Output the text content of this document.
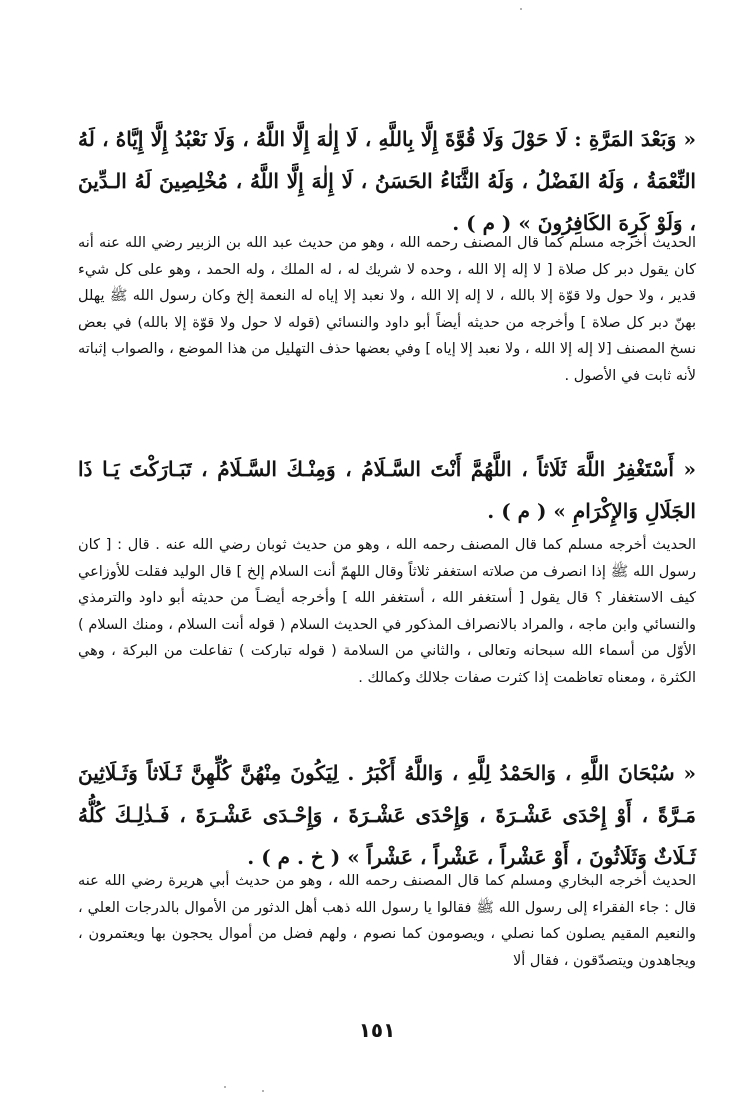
« وَبَعْدَ المَرَّةِ : لَا حَوْلَ وَلَا قُوَّةَ إِلَّا بِاللَّهِ ، لَا إِلٰهَ إِلَّا اللَّهُ ، وَلَا نَعْبُدُ إِلَّا إِيَّاهُ ، لَهُ النِّعْمَةُ ، وَلَهُ الفَضْلُ ، وَلَهُ الثَّنَاءُ الحَسَنُ ، لَا إِلٰهَ إِلَّا اللَّهُ ، مُخْلِصِينَ لَهُ الـدِّينَ ، وَلَوْ كَرِهَ الكَافِرُونَ » ( م ) .
الحديث أخرجه مسلم كما قال المصنف رحمه الله ، وهو من حديث عبد الله بن الزبير رضي الله عنه أنه كان يقول دبر كل صلاة [ لا إله إلا الله ، وحده لا شريك له ، له الملك ، وله الحمد ، وهو على كل شيء قدير ، ولا حول ولا قوّة إلا بالله ، لا إله إلا الله ، ولا نعبد إلا إياه له النعمة إلخ وكان رسول الله ﷺ يهلل بهنّ دبر كل صلاة ] وأخرجه من حديثه أيضاً أبو داود والنسائي (قوله لا حول ولا قوّة إلا بالله) في بعض نسخ المصنف [لا إله إلا الله ، ولا نعبد إلا إياه ] وفي بعضها حذف التهليل من هذا الموضع ، والصواب إثباته لأنه ثابت في الأصول .
« أَسْتَغْفِرُ اللَّهَ ثَلَاثاً ، اللَّهُمَّ أَنْتَ السَّـلَامُ ، وَمِنْـكَ السَّـلَامُ ، تَبَـارَكْتَ يَـا ذَا الجَلَالِ وَالإِكْرَامِ » ( م ) .
الحديث أخرجه مسلم كما قال المصنف رحمه الله ، وهو من حديث ثوبان رضي الله عنه . قال : [ كان رسول الله ﷺ إذا انصرف من صلاته استغفر ثلاثاً وقال اللهمّ أنت السلام إلخ ] قال الوليد فقلت للأوزاعي كيف الاستغفار ؟ قال يقول [ أستغفر الله ، أستغفر الله ] وأخرجه أيضـاً من حديثه أبو داود والترمذي والنسائي وابن ماجه ، والمراد بالانصراف المذكور في الحديث السلام ( قوله أنت السلام ، ومنك السلام ) الأوّل من أسماء الله سبحانه وتعالى ، والثاني من السلامة ( قوله تباركت ) تفاعلت من البركة ، وهي الكثرة ، ومعناه تعاظمت إذا كثرت صفات جلالك وكمالك .
« سُبْحَانَ اللَّهِ ، وَالحَمْدُ لِلَّهِ ، وَاللَّهُ أَكْبَرُ . لِيَكُونَ مِنْهُنَّ كُلِّهِنَّ ثَـلَاثاً وَثَـلَاثِينَ مَـرَّةً ، أَوْ إِحْدَى عَشْـرَةَ ، وَإِحْدَى عَشْـرَةَ ، وَإِحْـدَى عَشْـرَةَ ، فَـذٰلِـكَ كُلُّهُ ثَـلَاثٌ وَثَلَاثُونَ ، أَوْ عَشْراً ، عَشْراً ، عَشْراً » ( خ . م ) .
الحديث أخرجه البخاري ومسلم كما قال المصنف رحمه الله ، وهو من حديث أبي هريرة رضي الله عنه قال : جاء الفقراء إلى رسول الله ﷺ فقالوا يا رسول الله ذهب أهل الدثور من الأموال بالدرجات العلي ، والنعيم المقيم يصلون كما نصلي ، ويصومون كما نصوم ، ولهم فضل من أموال يحجون بها ويعتمرون ، ويجاهدون ويتصدّقون ، فقال ألا
١٥١
